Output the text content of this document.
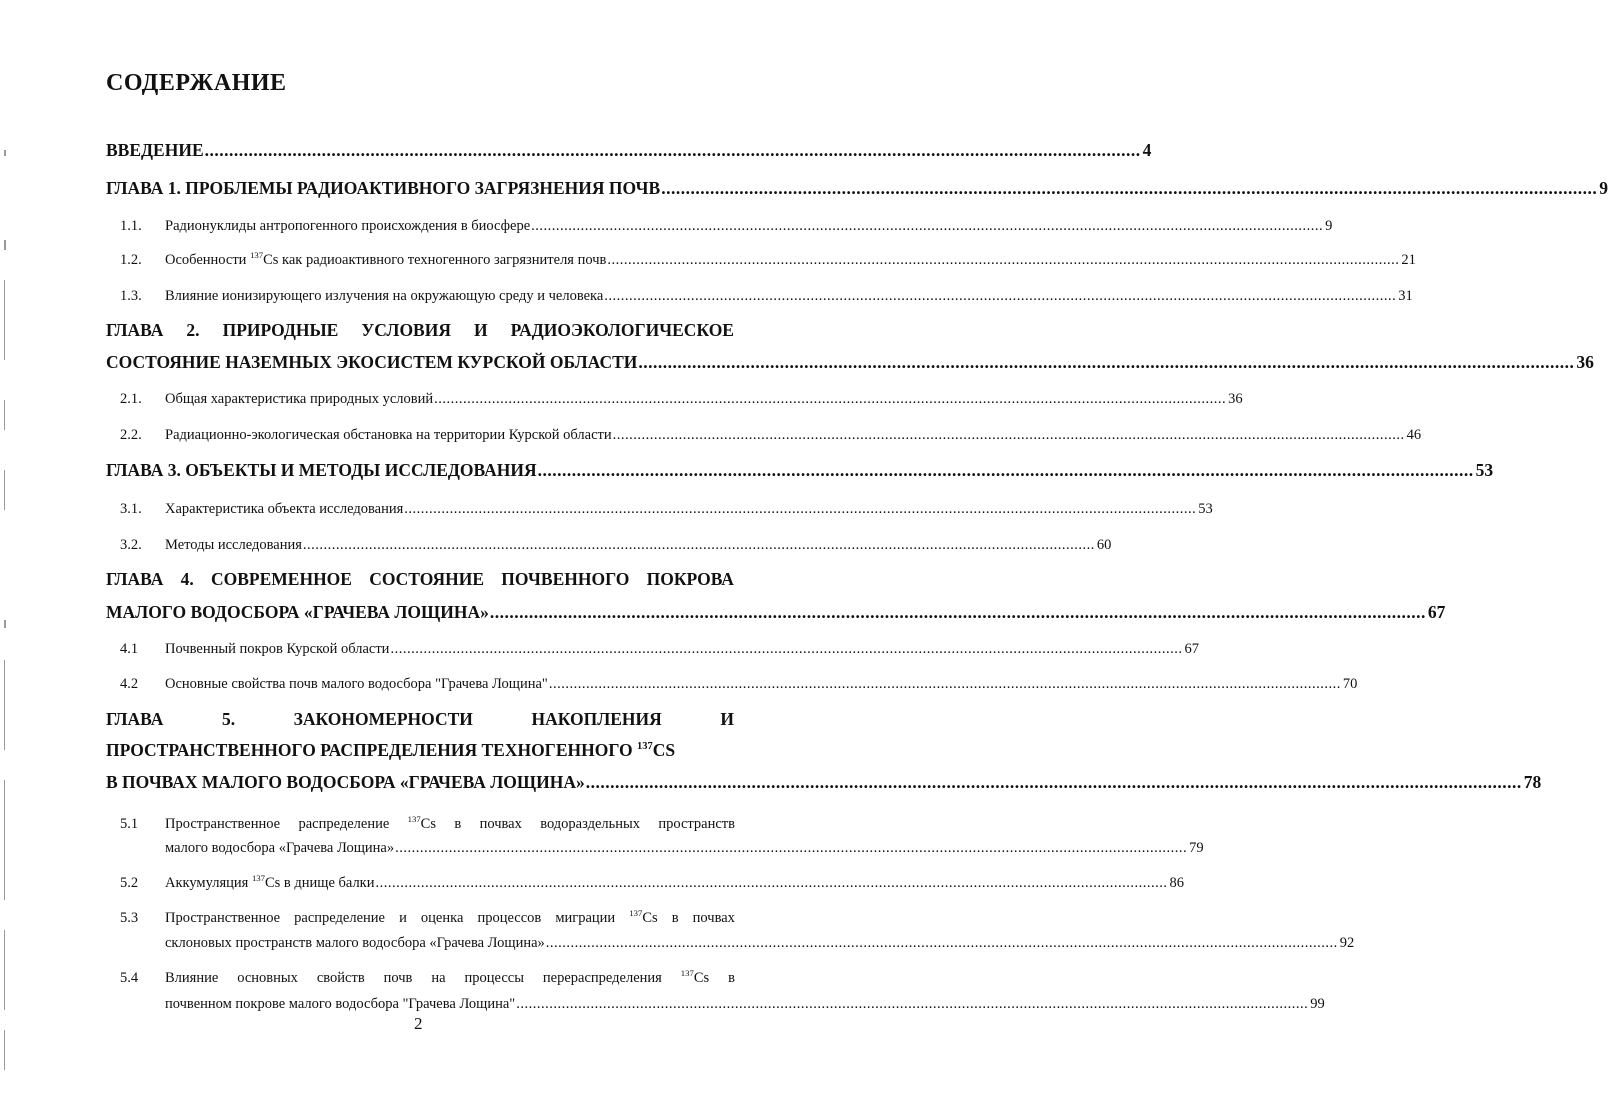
СОДЕРЖАНИЕ
ВВЕДЕНИЕ ................................................................................................................................................................................................ 4
ГЛАВА 1. ПРОБЛЕМЫ РАДИОАКТИВНОГО ЗАГРЯЗНЕНИЯ ПОЧВ ................................................................................................................................................................................................ 9
1.1.	Радионуклиды антропогенного происхождения в биосфере ................................................................................................................................................................................................ 9
1.2.	Особенности $^{137}$Cs как радиоактивного техногенного загрязнителя почв ................................................................................................................................................................................................ 21
1.3.	Влияние ионизирующего излучения на окружающую среду и человека ................................................................................................................................................................................................ 31
ГЛАВА 2. ПРИРОДНЫЕ УСЛОВИЯ И РАДИОЭКОЛОГИЧЕСКОЕ
СОСТОЯНИЕ НАЗЕМНЫХ ЭКОСИСТЕМ КУРСКОЙ ОБЛАСТИ ................................................................................................................................................................................................ 36
2.1.	Общая характеристика природных условий ................................................................................................................................................................................................ 36
2.2.	Радиационно-экологическая обстановка на территории Курской области ................................................................................................................................................................................................ 46
ГЛАВА 3. ОБЪЕКТЫ И МЕТОДЫ ИССЛЕДОВАНИЯ ................................................................................................................................................................................................ 53
3.1.	Характеристика объекта исследования ................................................................................................................................................................................................ 53
3.2.	Методы исследования ................................................................................................................................................................................................ 60
ГЛАВА 4. СОВРЕМЕННОЕ СОСТОЯНИЕ ПОЧВЕННОГО ПОКРОВА
МАЛОГО ВОДОСБОРА «ГРАЧЕВА ЛОЩИНА» ................................................................................................................................................................................................ 67
4.1	Почвенный покров Курской области ................................................................................................................................................................................................ 67
4.2	Основные свойства почв малого водосбора "Грачева Лощина" ................................................................................................................................................................................................ 70
ГЛАВА	5.	ЗАКОНОМЕРНОСТИ	НАКОПЛЕНИЯ	И
ПРОСТРАНСТВЕННОГО РАСПРЕДЕЛЕНИЯ ТЕХНОГЕННОГО $^{137}$CS
В ПОЧВАХ МАЛОГО ВОДОСБОРА «ГРАЧЕВА ЛОЩИНА» ................................................................................................................................................................................................ 78
5.1	Пространственное распределение $^{137}$Cs в почвах водораздельных пространств
малого водосбора «Грачева Лощина» ................................................................................................................................................................................................ 79
5.2	Аккумуляция $^{137}$Cs в днище балки ................................................................................................................................................................................................ 86
5.3	Пространственное распределение и оценка процессов миграции $^{137}$Cs в почвах
склоновых пространств малого водосбора «Грачева Лощина» ................................................................................................................................................................................................ 92
5.4	Влияние основных свойств почв на процессы перераспределения $^{137}$Cs в
почвенном покрове малого водосбора "Грачева Лощина" ................................................................................................................................................................................................ 99
2
